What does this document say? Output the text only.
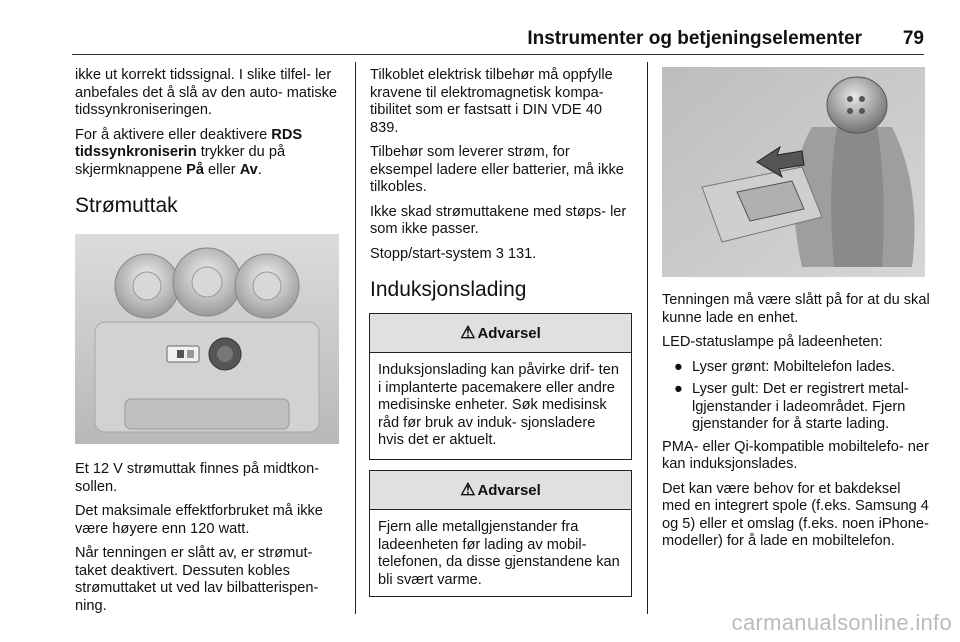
Instrumenter og betjeningselementer 79

ikke ut korrekt tidssignal. I slike tilfel‐ ler anbefales det å slå av den auto‐ matiske tidssynkroniseringen.

For å aktivere eller deaktivere RDS tidssynkroniserin trykker du på skjermknappene På eller Av.

Strømuttak

Et 12 V strømuttak finnes på midtkon‐ sollen.

Det maksimale effektforbruket må ikke være høyere enn 120 watt.

Når tenningen er slått av, er strømut‐ taket deaktivert. Dessuten kobles strømuttaket ut ved lav bilbatterispen‐ ning.

Tilkoblet elektrisk tilbehør må oppfylle kravene til elektromagnetisk kompa‐ tibilitet som er fastsatt i DIN VDE 40 839.

Tilbehør som leverer strøm, for eksempel ladere eller batterier, må ikke tilkobles.

Ikke skad strømuttakene med støps‐ ler som ikke passer.

Stopp/start-system 3 131.

Induksjonslading
⚠ Advarsel
Induksjonslading kan påvirke drif‐ ten i implanterte pacemakere eller andre medisinske enheter. Søk medisinsk råd før bruk av induk‐ sjonsladere hvis det er aktuelt.
⚠ Advarsel
Fjern alle metallgjenstander fra ladeenheten før lading av mobil‐ telefonen, da disse gjenstandene kan bli svært varme.

Tenningen må være slått på for at du skal kunne lade en enhet.

LED-statuslampe på ladeenheten:

● Lyser grønt: Mobiltelefon lades.
● Lyser gult: Det er registrert metal‐ lgjenstander i ladeområdet. Fjern gjenstander for å starte lading.

PMA- eller Qi-kompatible mobiltelefo‐ ner kan induksjonslades.

Det kan være behov for et bakdeksel med en integrert spole (f.eks. Samsung 4 og 5) eller et omslag (f.eks. noen iPhone-modeller) for å lade en mobiltelefon.

carmanualsonline.info
